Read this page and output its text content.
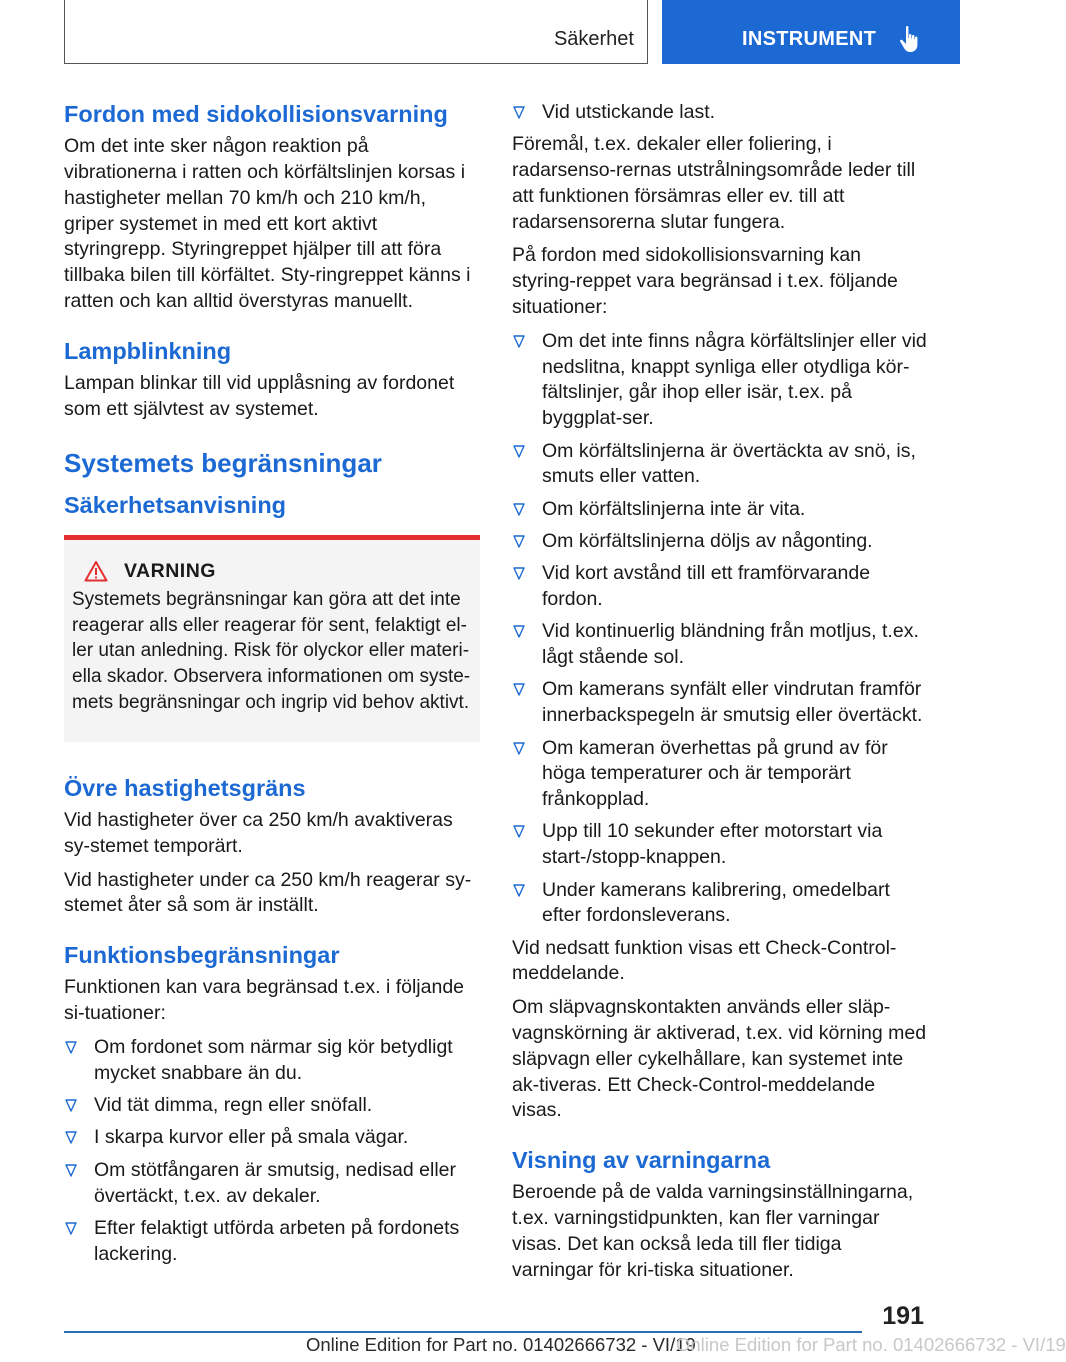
Säkerhet	INSTRUMENT
Fordon med sidokollisionsvarning

Om det inte sker någon reaktion på vibrationerna i ratten och körfältslinjen korsas i hastigheter mellan 70 km/h och 210 km/h, griper systemet in med ett kort aktivt styringrepp. Styringreppet hjälper till att föra tillbaka bilen till körfältet. Sty-ringreppet känns i ratten och kan alltid överstyras manuellt.

Lampblinkning

Lampan blinkar till vid upplåsning av fordonet som ett självtest av systemet.

Systemets begränsningar
Säkerhetsanvisning
VARNING

Systemets begränsningar kan göra att det inte reagerar alls eller reagerar för sent, felaktigt el-ler utan anledning. Risk för olyckor eller materi-ella skador. Observera informationen om syste-mets begränsningar och ingrip vid behov aktivt.

Övre hastighetsgräns

Vid hastigheter över ca 250 km/h avaktiveras sy-stemet temporärt.

Vid hastigheter under ca 250 km/h reagerar sy-stemet åter så som är inställt.

Funktionsbegränsningar

Funktionen kan vara begränsad t.ex. i följande si-tuationer:

Om fordonet som närmar sig kör betydligt mycket snabbare än du.
Vid tät dimma, regn eller snöfall.
I skarpa kurvor eller på smala vägar.
Om stötfångaren är smutsig, nedisad eller övertäckt, t.ex. av dekaler.
Efter felaktigt utförda arbeten på fordonets lackering.
Vid utstickande last.

Föremål, t.ex. dekaler eller foliering, i radarsenso-rernas utstrålningsområde leder till att funktionen försämras eller ev. till att radarsensorerna slutar fungera.

På fordon med sidokollisionsvarning kan styring-reppet vara begränsad i t.ex. följande situationer:

Om det inte finns några körfältslinjer eller vid nedslitna, knappt synliga eller otydliga kör-fältslinjer, går ihop eller isär, t.ex. på byggplat-ser.
Om körfältslinjerna är övertäckta av snö, is, smuts eller vatten.
Om körfältslinjerna inte är vita.
Om körfältslinjerna döljs av någonting.
Vid kort avstånd till ett framförvarande fordon.
Vid kontinuerlig bländning från motljus, t.ex. lågt stående sol.
Om kamerans synfält eller vindrutan framför innerbackspegeln är smutsig eller övertäckt.
Om kameran överhettas på grund av för höga temperaturer och är temporärt frånkopplad.
Upp till 10 sekunder efter motorstart via start-/stopp-knappen.
Under kamerans kalibrering, omedelbart efter fordonsleverans.

Vid nedsatt funktion visas ett Check-Control-meddelande.

Om släpvagnskontakten används eller släp-vagnskörning är aktiverad, t.ex. vid körning med släpvagn eller cykelhållare, kan systemet inte ak-tiveras. Ett Check-Control-meddelande visas.

Visning av varningarna

Beroende på de valda varningsinställningarna, t.ex. varningstidpunkten, kan fler varningar visas. Det kan också leda till fler tidiga varningar för kri-tiska situationer.

191
Online Edition for Part no. 01402666732 - VI/19
Online Edition for Part no. 01402666732 - VI/19
